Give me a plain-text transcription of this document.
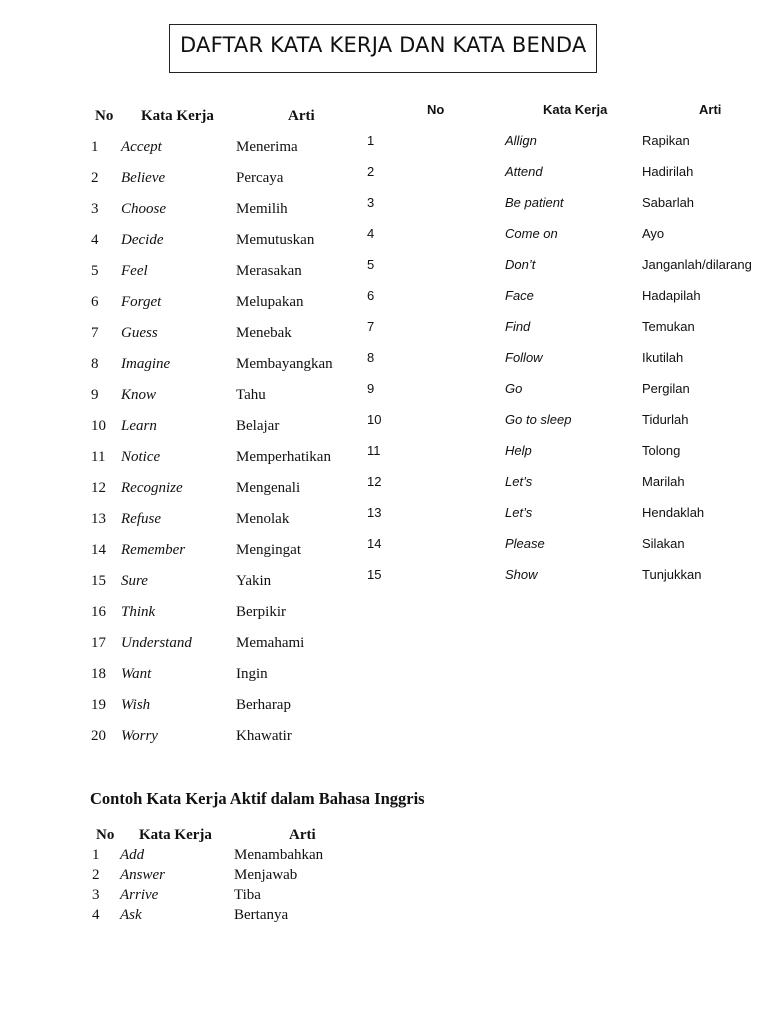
DAFTAR KATA KERJA DAN KATA BENDA
No Kata Kerja	Arti
1 Accept	Menerima
2 Believe	Percaya
3 Choose	Memilih
4 Decide	Memutuskan
5 Feel	Merasakan
6 Forget	Melupakan
7 Guess	Menebak
8 Imagine	Membayangkan
9 Know	Tahu
10 Learn	Belajar
11 Notice	Memperhatikan
12 Recognize	Mengenali
13 Refuse	Menolak
14 Remember	Mengingat
15 Sure	Yakin
16 Think	Berpikir
17 Understand	Memahami
18 Want	Ingin
19 Wish	Berharap
20 Worry	Khawatir
No	Kata Kerja	Arti
1	Allign	Rapikan
2	Attend	Hadirilah
3	Be patient	Sabarlah
4	Come on	Ayo
5	Don’t	Janganlah/dilarang
6	Face	Hadapilah
7	Find	Temukan
8	Follow	Ikutilah
9	Go	Pergilan
10	Go to sleep	Tidurlah
11	Help	Tolong
12	Let’s	Marilah
13	Let’s	Hendaklah
14	Please	Silakan
15	Show	Tunjukkan
Contoh Kata Kerja Aktif dalam Bahasa Inggris
No Kata Kerja	Arti
1 Add	Menambahkan
2 Answer	Menjawab
3 Arrive	Tiba
4 Ask	Bertanya
